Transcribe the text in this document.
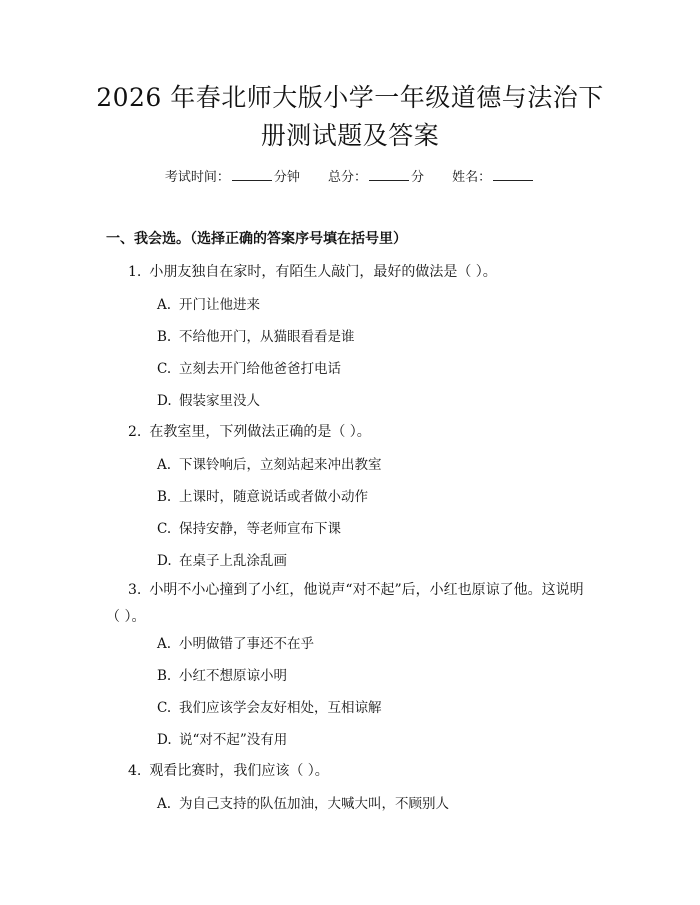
2026 年春北师大版小学一年级道德与法治下
册测试题及答案
考试时间：	分钟 总分：	分 姓名：
一、我会选。（选择正确的答案序号填在括号里）
1. 小朋友独自在家时，有陌生人敲门，最好的做法是（ ）。
A. 开门让他进来
B. 不给他开门，从猫眼看看是谁
C. 立刻去开门给他爸爸打电话
D. 假装家里没人
2. 在教室里，下列做法正确的是（ ）。
A. 下课铃响后，立刻站起来冲出教室
B. 上课时，随意说话或者做小动作
C. 保持安静，等老师宣布下课
D. 在桌子上乱涂乱画
3. 小明不小心撞到了小红，他说声“对不起”后，小红也原谅了他。这说明
（ ）。
A. 小明做错了事还不在乎
B. 小红不想原谅小明
C. 我们应该学会友好相处，互相谅解
D. 说“对不起”没有用
4. 观看比赛时，我们应该（ ）。
A. 为自己支持的队伍加油，大喊大叫，不顾别人
